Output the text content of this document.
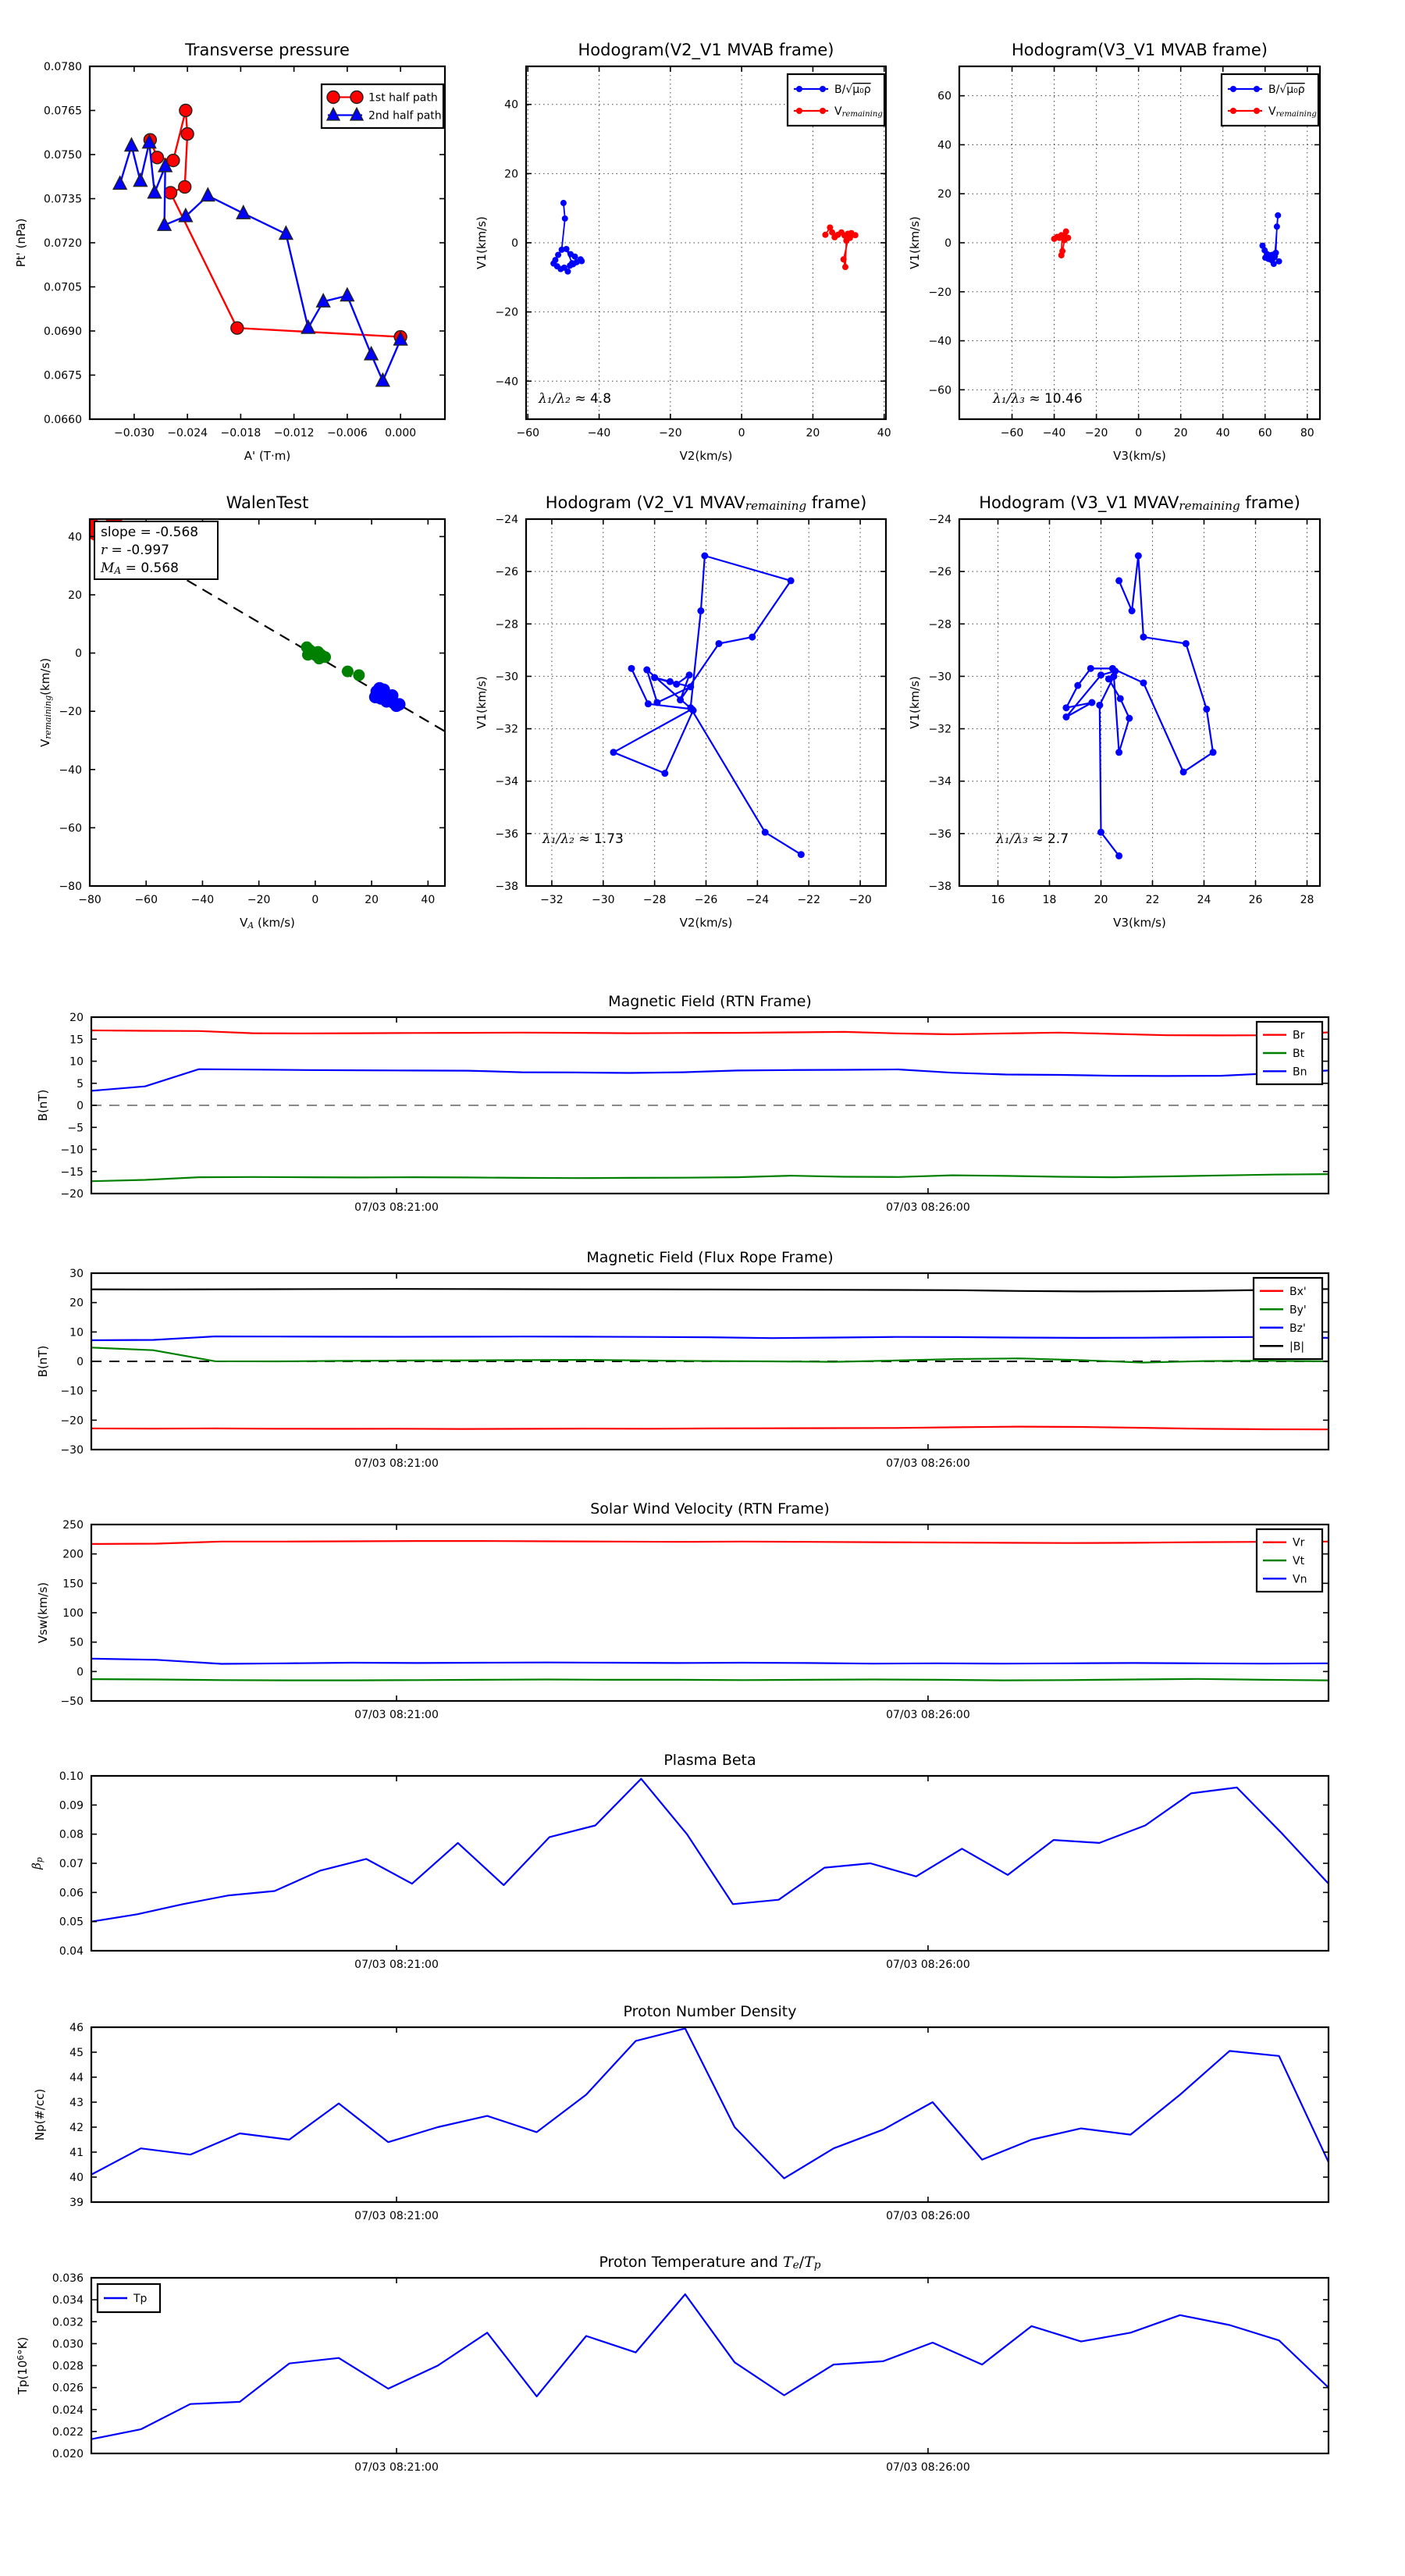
−0.030 −0.024 −0.018 −0.012 −0.006 0.000
0.0660
0.0675
0.0690
0.0705
0.0720
0.0735
0.0750
0.0765
0.0780
Transverse pressure
A' (T·m)
Pt' (nPa)
1st half path
2nd half path
−60	−40	−20	0	20	40
−40
−20
0
20
40
Hodogram(V2_V1 MVAB frame)
V2(km/s)
V1(km/s)
B/√μ₀ρ
Vremaining
λ₁/λ₂ ≈ 4.8
−60 −40 −20 0	20	40	60	80
−60
−40
−20
0
20
40
60
Hodogram(V3_V1 MVAB frame)
V3(km/s)
V1(km/s)
B/√μ₀ρ
Vremaining
λ₁/λ₃ ≈ 10.46
−80	−60	−40	−20	0	20	40
−80
−60
−40
−20
0
20
40
WalenTest
VA (km/s)
Vremaining(km/s)
slope = -0.568
r = -0.997
MA = 0.568
−32	−30	−28	−26	−24	−22	−20
−38
−36
−34
−32
−30
−28
−26
−24
Hodogram (V2_V1 MVAVremaining frame)
V2(km/s)
V1(km/s)
λ₁/λ₂ ≈ 1.73
16	18	20	22	24	26	28
−38
−36
−34
−32
−30
−28
−26
−24
Hodogram (V3_V1 MVAVremaining frame)
V3(km/s)
V1(km/s)
λ₁/λ₃ ≈ 2.7
07/03 08:21:00	07/03 08:26:00
−20
−15
−10
−5
0
5
10
15
20
Magnetic Field (RTN Frame)
B(nT)
Br
Bt
Bn
07/03 08:21:00	07/03 08:26:00
−30
−20
−10
0
10
20
30
Magnetic Field (Flux Rope Frame)
B(nT)
Bx'
By'
Bz'
|B|
07/03 08:21:00	07/03 08:26:00
−50
0
50
100
150
200
250
Solar Wind Velocity (RTN Frame)
Vsw(km/s)
Vr
Vt
Vn
07/03 08:21:00	07/03 08:26:00
0.04
0.05
0.06
0.07
0.08
0.09
0.10
Plasma Beta
βp
07/03 08:21:00	07/03 08:26:00
39
40
41
42
43
44
45
46
Proton Number Density
Np(#/cc)
07/03 08:21:00	07/03 08:26:00
0.020
0.022
0.024
0.026
0.028
0.030
0.032
0.034
0.036
Proton Temperature and Te/Tp
Tp(106°K)
Tp
